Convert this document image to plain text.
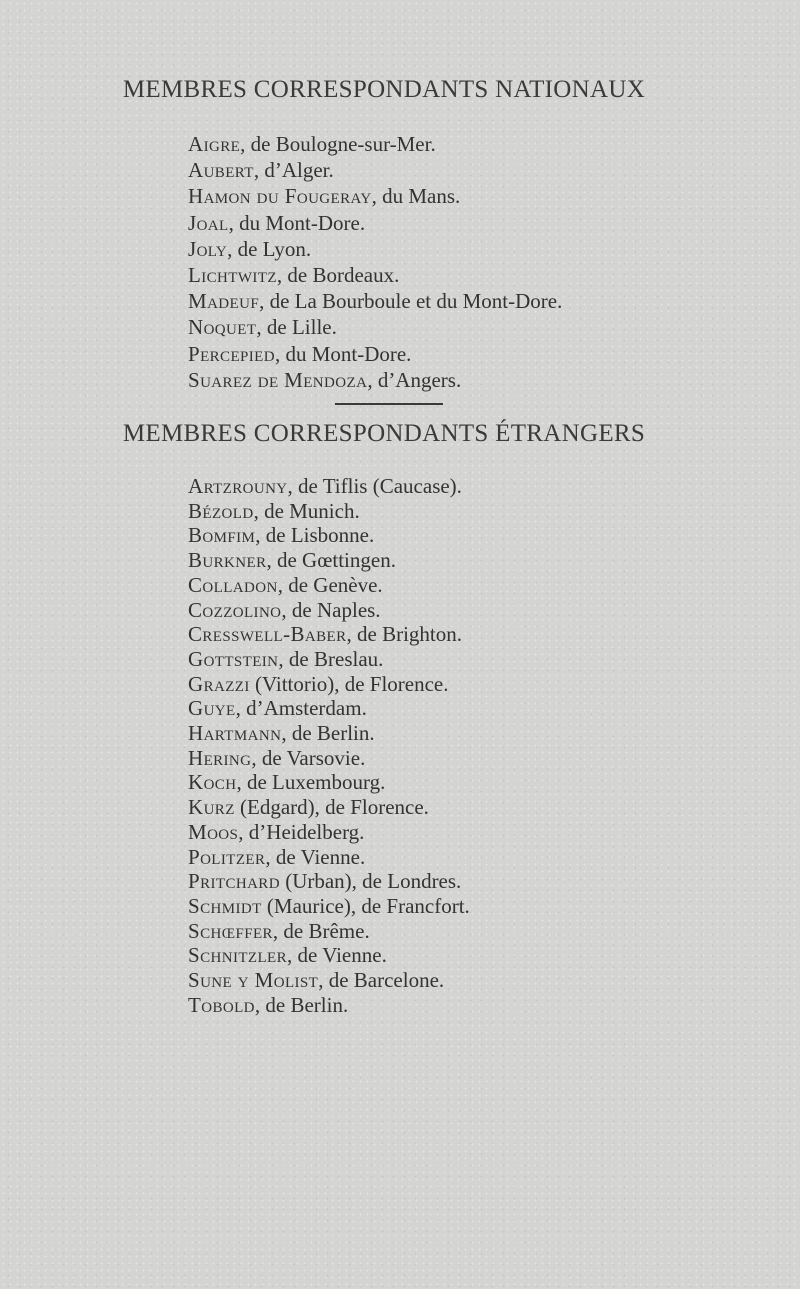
MEMBRES CORRESPONDANTS NATIONAUX
Aigre, de Boulogne-sur-Mer.
Aubert, d’Alger.
Hamon du Fougeray, du Mans.
Joal, du Mont-Dore.
Joly, de Lyon.
Lichtwitz, de Bordeaux.
Madeuf, de La Bourboule et du Mont-Dore.
Noquet, de Lille.
Percepied, du Mont-Dore.
Suarez de Mendoza, d’Angers.
MEMBRES CORRESPONDANTS ÉTRANGERS
Artzrouny, de Tiflis (Caucase).
Bézold, de Munich.
Bomfim, de Lisbonne.
Burkner, de Gœttingen.
Colladon, de Genève.
Cozzolino, de Naples.
Cresswell-Baber, de Brighton.
Gottstein, de Breslau.
Grazzi (Vittorio), de Florence.
Guye, d’Amsterdam.
Hartmann, de Berlin.
Hering, de Varsovie.
Koch, de Luxembourg.
Kurz (Edgard), de Florence.
Moos, d’Heidelberg.
Politzer, de Vienne.
Pritchard (Urban), de Londres.
Schmidt (Maurice), de Francfort.
Schœffer, de Brême.
Schnitzler, de Vienne.
Sune y Molist, de Barcelone.
Tobold, de Berlin.
